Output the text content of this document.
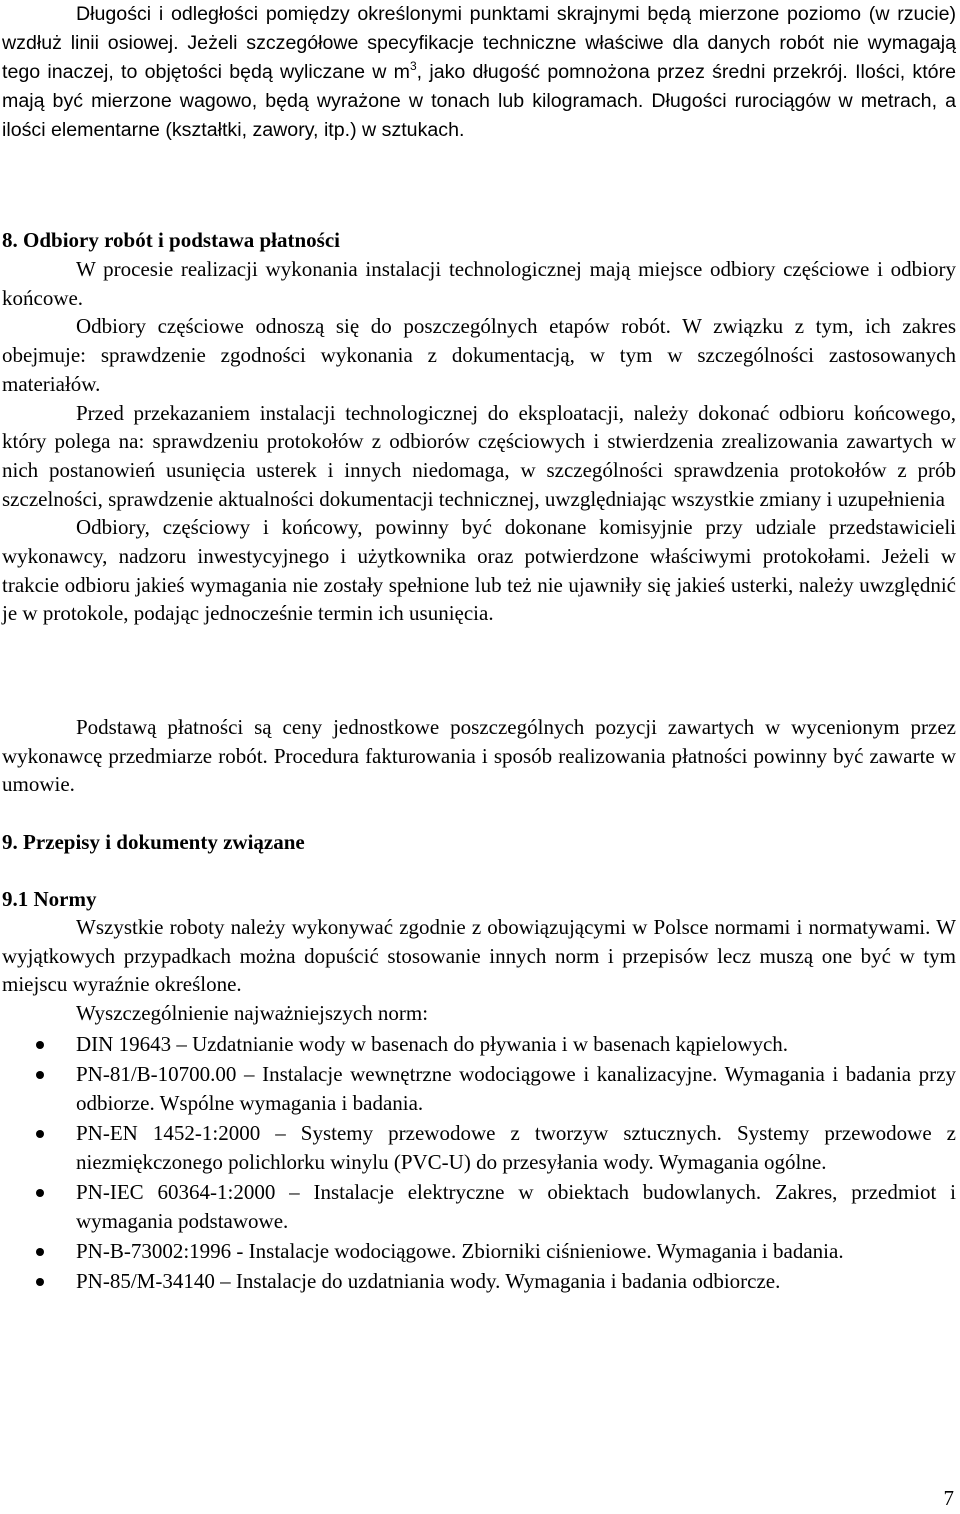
Długości i odległości pomiędzy określonymi punktami skrajnymi będą mierzone poziomo (w rzucie) wzdłuż linii osiowej. Jeżeli szczegółowe specyfikacje techniczne właściwe dla danych robót nie wymagają tego inaczej, to objętości będą wyliczane w $m^3$, jako długość pomnożona przez średni przekrój. Ilości, które mają być mierzone wagowo, będą wyrażone w tonach lub kilogramach. Długości rurociągów w metrach, a ilości elementarne (kształtki, zawory, itp.) w sztukach.

8. Odbiory robót i podstawa płatności

W procesie realizacji wykonania instalacji technologicznej mają miejsce odbiory częściowe i odbiory końcowe.

Odbiory częściowe odnoszą się do poszczególnych etapów robót. W związku z tym, ich zakres obejmuje: sprawdzenie zgodności wykonania z dokumentacją, w tym w szczególności zastosowanych materiałów.

Przed przekazaniem instalacji technologicznej do eksploatacji, należy dokonać odbioru końcowego, który polega na: sprawdzeniu protokołów z odbiorów częściowych i stwierdzenia zrealizowania zawartych w nich postanowień usunięcia usterek i innych niedomaga, w szczególności sprawdzenia protokołów z prób szczelności, sprawdzenie aktualności dokumentacji technicznej, uwzględniając wszystkie zmiany i uzupełnienia

Odbiory, częściowy i końcowy, powinny być dokonane komisyjnie przy udziale przedstawicieli wykonawcy, nadzoru inwestycyjnego i użytkownika oraz potwierdzone właściwymi protokołami. Jeżeli w trakcie odbioru jakieś wymagania nie zostały spełnione lub też nie ujawniły się jakieś usterki, należy uwzględnić je w protokole, podając jednocześnie termin ich usunięcia.

Podstawą płatności są ceny jednostkowe poszczególnych pozycji zawartych w wycenionym przez wykonawcę przedmiarze robót. Procedura fakturowania i sposób realizowania płatności powinny być zawarte w umowie.

9. Przepisy i dokumenty związane
9.1 Normy

Wszystkie roboty należy wykonywać zgodnie z obowiązującymi w Polsce normami i normatywami. W wyjątkowych przypadkach można dopuścić stosowanie innych norm i przepisów lecz muszą one być w tym miejscu wyraźnie określone.

Wyszczególnienie najważniejszych norm:

DIN 19643 – Uzdatnianie wody w basenach do pływania i w basenach kąpielowych.
PN-81/B-10700.00 – Instalacje wewnętrzne wodociągowe i kanalizacyjne. Wymagania i badania przy odbiorze. Wspólne wymagania i badania.
PN-EN 1452-1:2000 – Systemy przewodowe z tworzyw sztucznych. Systemy przewodowe z niezmiękczonego polichlorku winylu (PVC-U) do przesyłania wody. Wymagania ogólne.
PN-IEC 60364-1:2000 – Instalacje elektryczne w obiektach budowlanych. Zakres, przedmiot i wymagania podstawowe.
PN-B-73002:1996 - Instalacje wodociągowe. Zbiorniki ciśnieniowe. Wymagania i badania.
PN-85/M-34140 – Instalacje do uzdatniania wody. Wymagania i badania odbiorcze.
7
